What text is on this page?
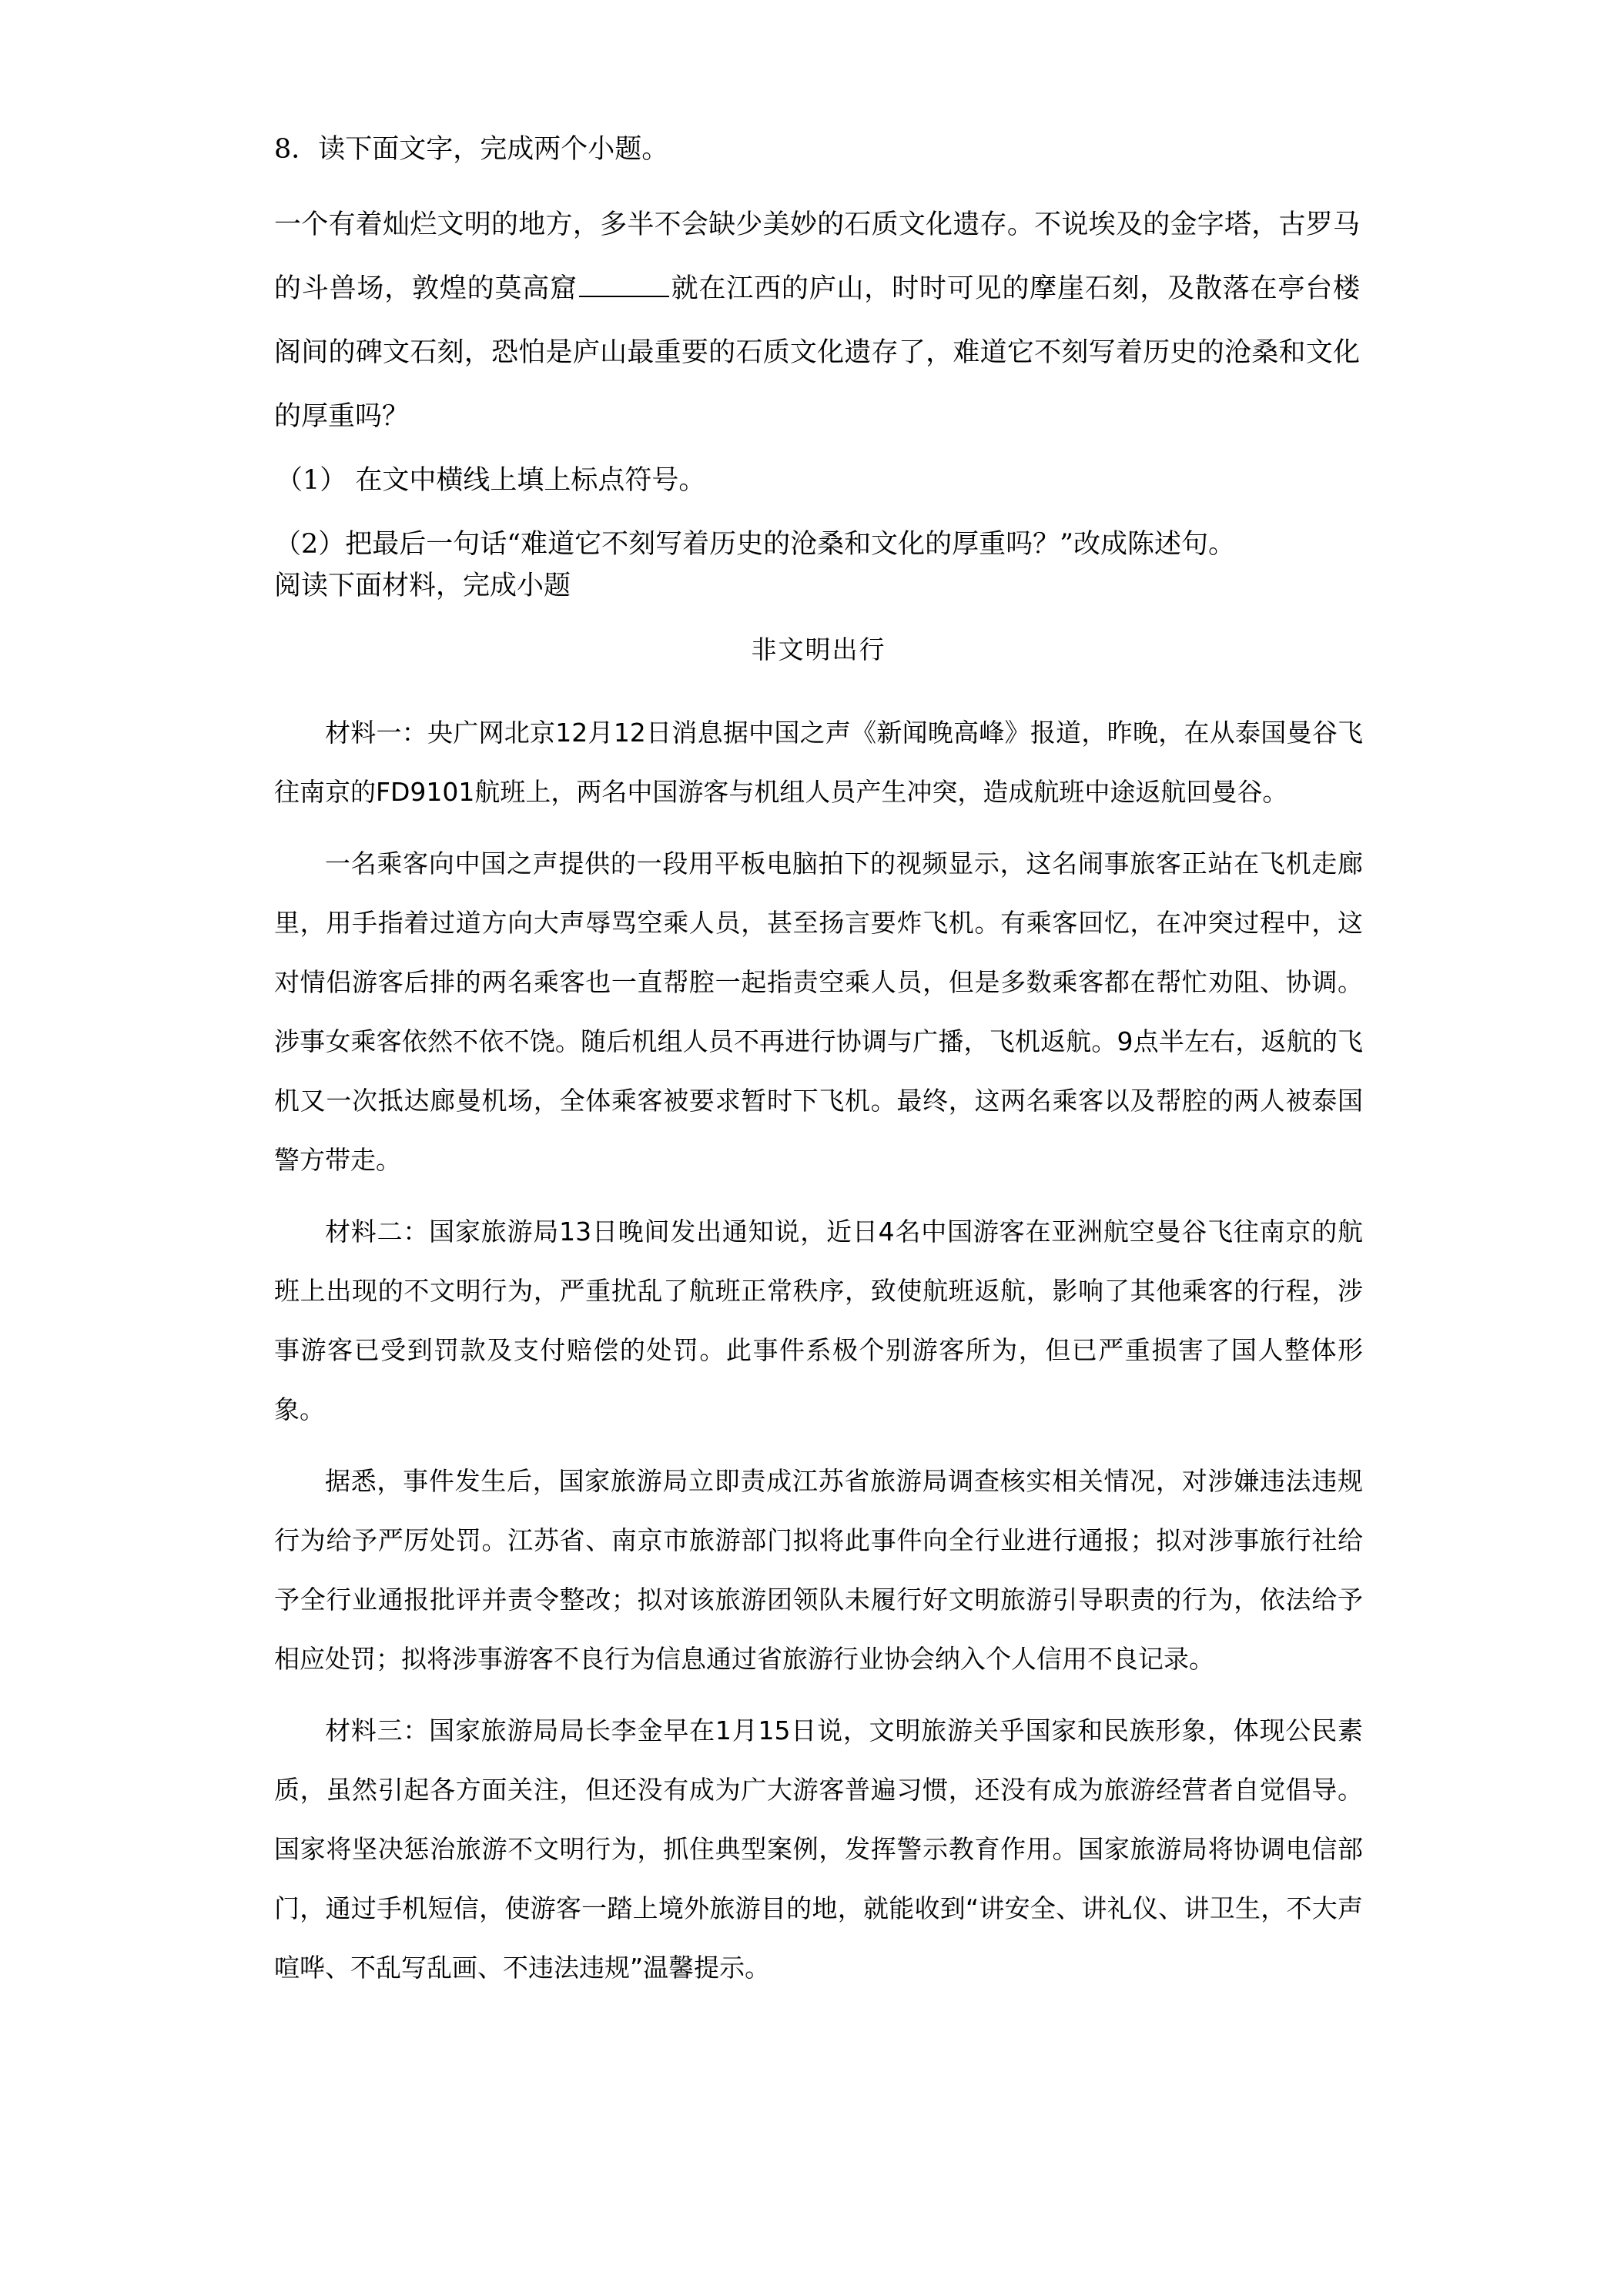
8．读下面文字，完成两个小题。
一个有着灿烂文明的地方，多半不会缺少美妙的石质文化遗存。不说埃及的金字塔，古罗马的斗兽场，敦煌的莫高窟	就在江西的庐山，时时可见的摩崖石刻，及散落在亭台楼阁间的碑文石刻，恐怕是庐山最重要的石质文化遗存了，难道它不刻写着历史的沧桑和文化的厚重吗？
（1） 在文中横线上填上标点符号。
（2）把最后一句话“难道它不刻写着历史的沧桑和文化的厚重吗？”改成陈述句。
阅读下面材料，完成小题
非文明出行

材料一：央广网北京12月12日消息据中国之声《新闻晚高峰》报道，昨晚，在从泰国曼谷飞往南京的FD9101航班上，两名中国游客与机组人员产生冲突，造成航班中途返航回曼谷。

一名乘客向中国之声提供的一段用平板电脑拍下的视频显示，这名闹事旅客正站在飞机走廊里，用手指着过道方向大声辱骂空乘人员，甚至扬言要炸飞机。有乘客回忆，在冲突过程中，这对情侣游客后排的两名乘客也一直帮腔一起指责空乘人员，但是多数乘客都在帮忙劝阻、协调。涉事女乘客依然不依不饶。随后机组人员不再进行协调与广播，飞机返航。9点半左右，返航的飞机又一次抵达廊曼机场，全体乘客被要求暂时下飞机。最终，这两名乘客以及帮腔的两人被泰国警方带走。

材料二：国家旅游局13日晚间发出通知说，近日4名中国游客在亚洲航空曼谷飞往南京的航班上出现的不文明行为，严重扰乱了航班正常秩序，致使航班返航，影响了其他乘客的行程，涉事游客已受到罚款及支付赔偿的处罚。此事件系极个别游客所为，但已严重损害了国人整体形象。

据悉，事件发生后，国家旅游局立即责成江苏省旅游局调查核实相关情况，对涉嫌违法违规行为给予严厉处罚。江苏省、南京市旅游部门拟将此事件向全行业进行通报；拟对涉事旅行社给予全行业通报批评并责令整改；拟对该旅游团领队未履行好文明旅游引导职责的行为，依法给予相应处罚；拟将涉事游客不良行为信息通过省旅游行业协会纳入个人信用不良记录。

材料三：国家旅游局局长李金早在1月15日说，文明旅游关乎国家和民族形象，体现公民素质，虽然引起各方面关注，但还没有成为广大游客普遍习惯，还没有成为旅游经营者自觉倡导。国家将坚决惩治旅游不文明行为，抓住典型案例，发挥警示教育作用。国家旅游局将协调电信部门，通过手机短信，使游客一踏上境外旅游目的地，就能收到“讲安全、讲礼仪、讲卫生，不大声喧哗、不乱写乱画、不违法违规”温馨提示。
